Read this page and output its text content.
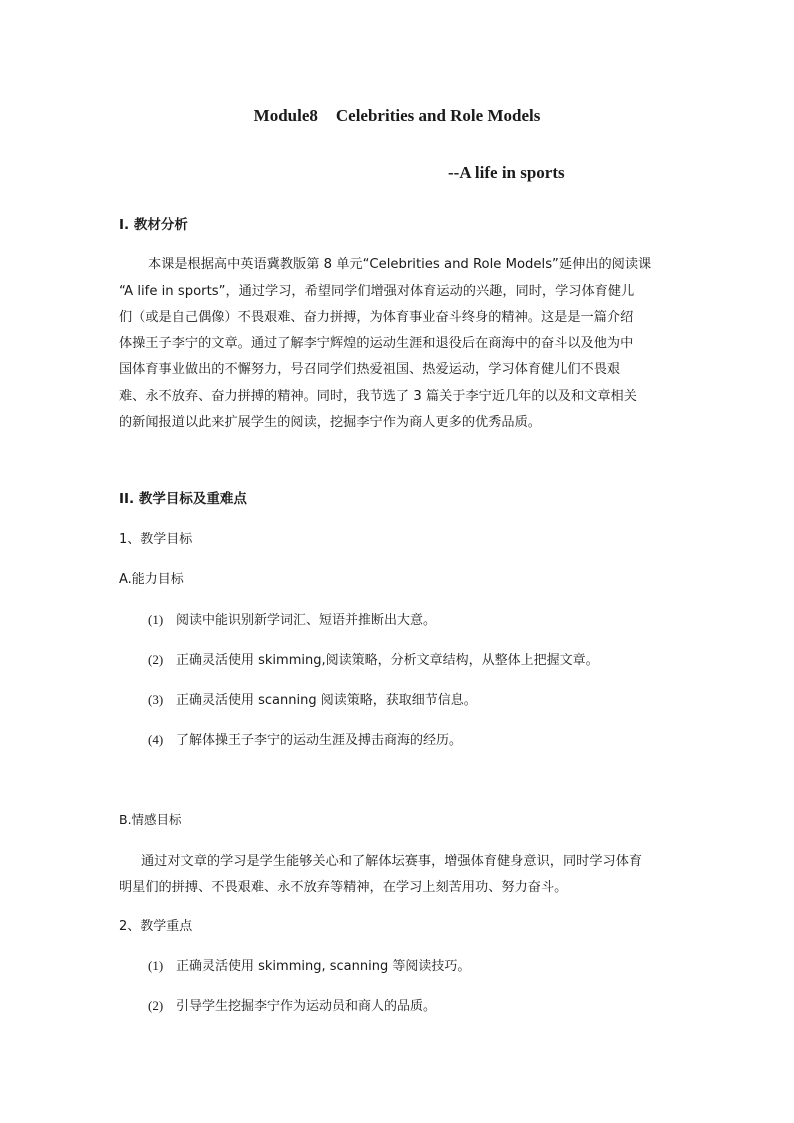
Module8 Celebrities and Role Models
--A life in sports
I. 教材分析
本课是根据高中英语冀教版第 8 单元“Celebrities and Role Models”延伸出的阅读课
“A life in sports”，通过学习，希望同学们增强对体育运动的兴趣，同时，学习体育健儿
们（或是自己偶像）不畏艰难、奋力拼搏，为体育事业奋斗终身的精神。这是是一篇介绍
体操王子李宁的文章。通过了解李宁辉煌的运动生涯和退役后在商海中的奋斗以及他为中
国体育事业做出的不懈努力，号召同学们热爱祖国、热爱运动，学习体育健儿们不畏艰
难、永不放弃、奋力拼搏的精神。同时，我节选了 3 篇关于李宁近几年的以及和文章相关
的新闻报道以此来扩展学生的阅读，挖掘李宁作为商人更多的优秀品质。
II. 教学目标及重难点
1、教学目标
A.能力目标
(1) 阅读中能识别新学词汇、短语并推断出大意。
(2) 正确灵活使用 skimming,阅读策略，分析文章结构，从整体上把握文章。
(3) 正确灵活使用 scanning 阅读策略，获取细节信息。
(4) 了解体操王子李宁的运动生涯及搏击商海的经历。
B.情感目标
通过对文章的学习是学生能够关心和了解体坛赛事，增强体育健身意识，同时学习体育
明星们的拼搏、不畏艰难、永不放弃等精神，在学习上刻苦用功、努力奋斗。
2、教学重点
(1) 正确灵活使用 skimming, scanning 等阅读技巧。
(2) 引导学生挖掘李宁作为运动员和商人的品质。
